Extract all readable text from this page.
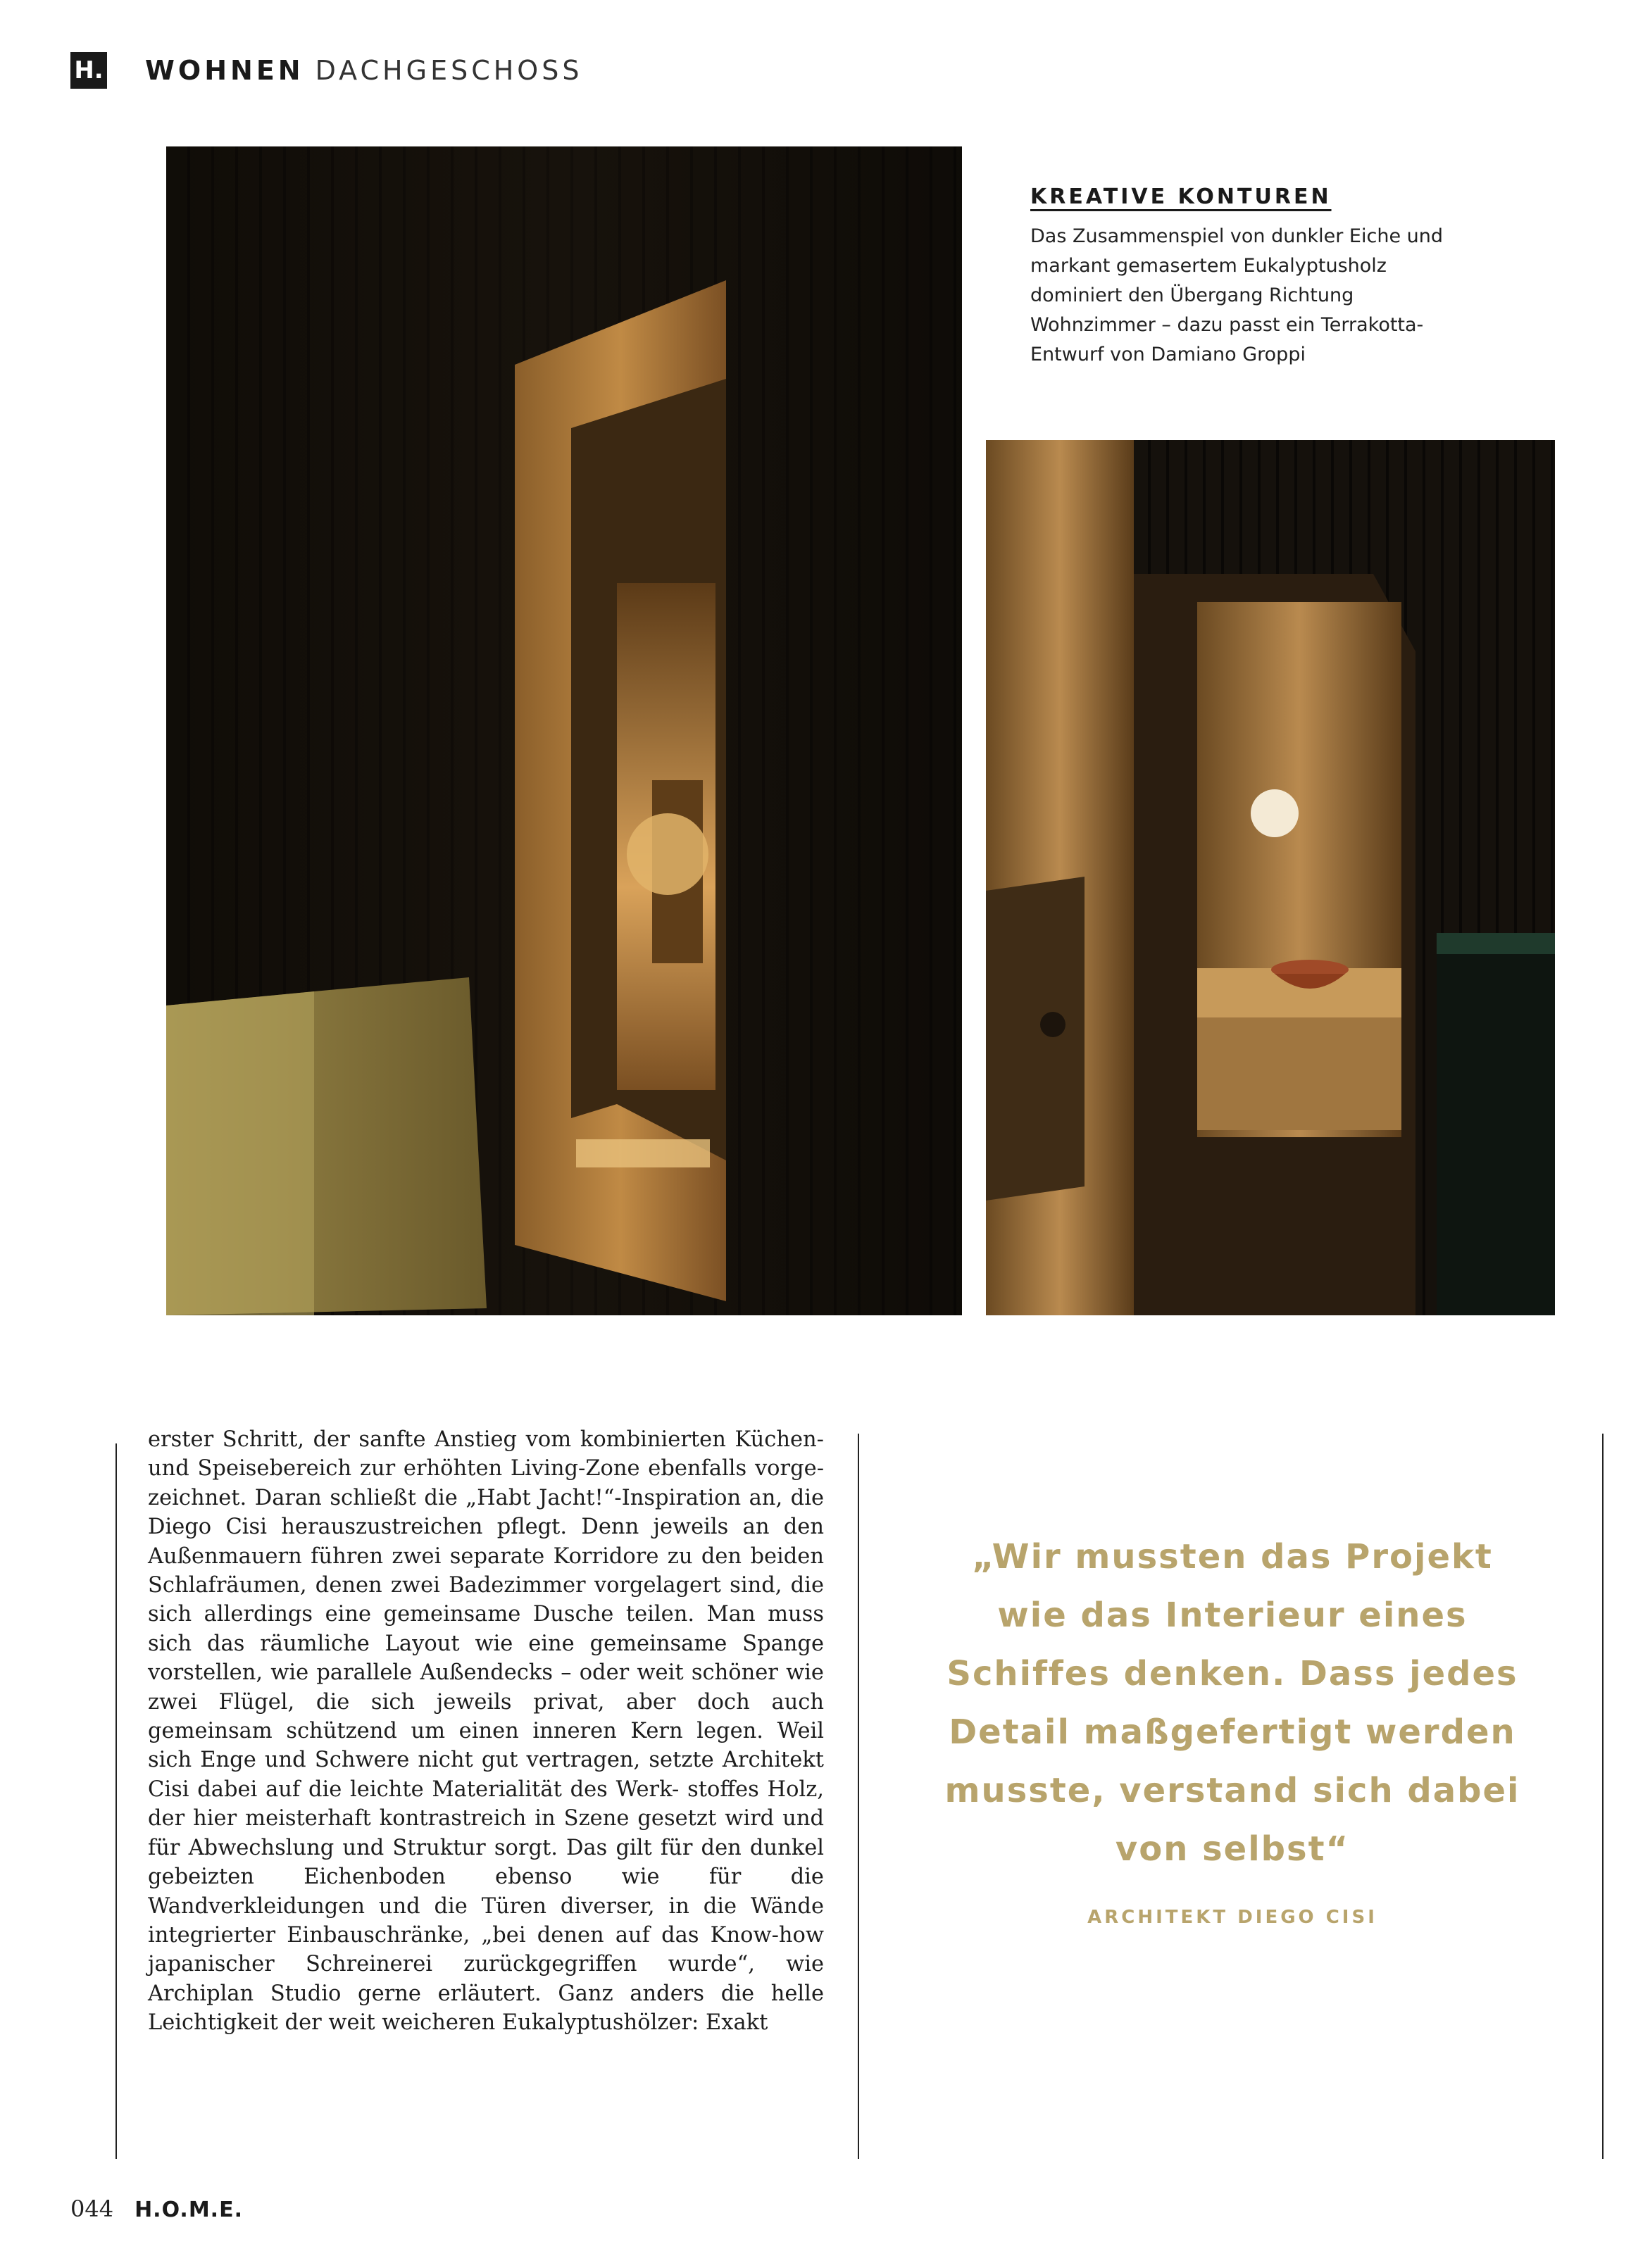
H. WOHNEN DACHGESCHOSS
KREATIVE KONTUREN
Das Zusammenspiel von dunkler Eiche und markant gemasertem Eukalyptusholz dominiert den Übergang Richtung Wohnzimmer – dazu passt ein Terrakotta-Entwurf von Damiano Groppi
erster Schritt, der sanfte Anstieg vom kombinierten Küchen- und Speisebereich zur erhöhten Living-Zone ebenfalls vorge- zeichnet. Daran schließt die „Habt Jacht!“-Inspiration an, die Diego Cisi herauszustreichen pflegt. Denn jeweils an den Außenmauern führen zwei separate Korridore zu den beiden Schlafräumen, denen zwei Badezimmer vorgelagert sind, die sich allerdings eine gemeinsame Dusche teilen. Man muss sich das räumliche Layout wie eine gemeinsame Spange vorstellen, wie parallele Außendecks – oder weit schöner wie zwei Flügel, die sich jeweils privat, aber doch auch gemeinsam schützend um einen inneren Kern legen. Weil sich Enge und Schwere nicht gut vertragen, setzte Architekt Cisi dabei auf die leichte Materialität des Werk- stoffes Holz, der hier meisterhaft kontrastreich in Szene gesetzt wird und für Abwechslung und Struktur sorgt. Das gilt für den dunkel gebeizten Eichenboden ebenso wie für die Wandverkleidungen und die Türen diverser, in die Wände integrierter Einbauschränke, „bei denen auf das Know-how japanischer Schreinerei zurückgegriffen wurde“, wie Archiplan Studio gerne erläutert. Ganz anders die helle Leichtigkeit der weit weicheren Eukalyptushölzer: Exakt
„Wir mussten das Projekt wie das Interieur eines Schiffes denken. Dass jedes Detail maßgefertigt werden musste, verstand sich dabei von selbst“
ARCHITEKT DIEGO CISI
044 H.O.M.E.
